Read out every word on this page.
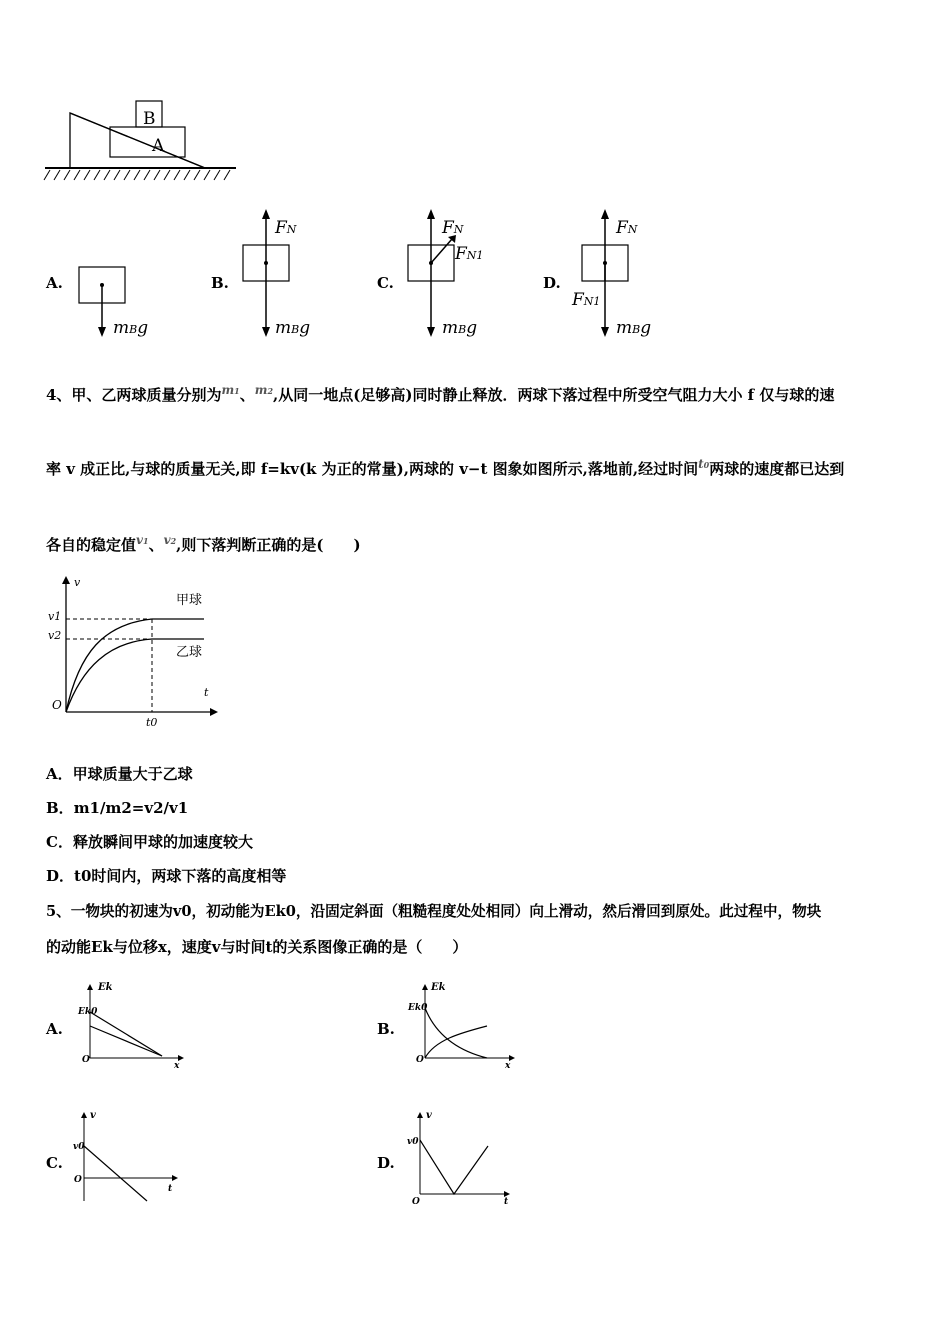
B
A
A.
mBg
B.
FN
mBg
C.
FN
FN1
mBg
D.
FN
FN1
mBg
4、甲、乙两球质量分别为$^{m1}$、$^{m2}$,从同一地点(足够高)同时静止释放．两球下落过程中所受空气阻力大小 f 仅与球的速
率 v 成正比,与球的质量无关,即 f=kv(k 为正的常量),两球的 v−t 图象如图所示,落地前,经过时间$^{t0}$两球的速度都已达到
各自的稳定值$^{v1}$、$^{v2}$,则下落判断正确的是(　　)
v
t
O
v1
v2
t0
甲球
乙球
A．甲球质量大于乙球
B．m1/m2=v2/v1
C．释放瞬间甲球的加速度较大
D．t0时间内，两球下落的高度相等
5、一物块的初速为v0，初动能为Ek0，沿固定斜面（粗糙程度处处相同）向上滑动，然后滑回到原处。此过程中，物块
的动能Ek与位移x，速度v与时间t的关系图像正确的是（　　）
A.
Ek
Ek0
x
O
B.
Ek
Ek0
x
O
C.
v
v0
t
O
D.
v
v0
t
O
